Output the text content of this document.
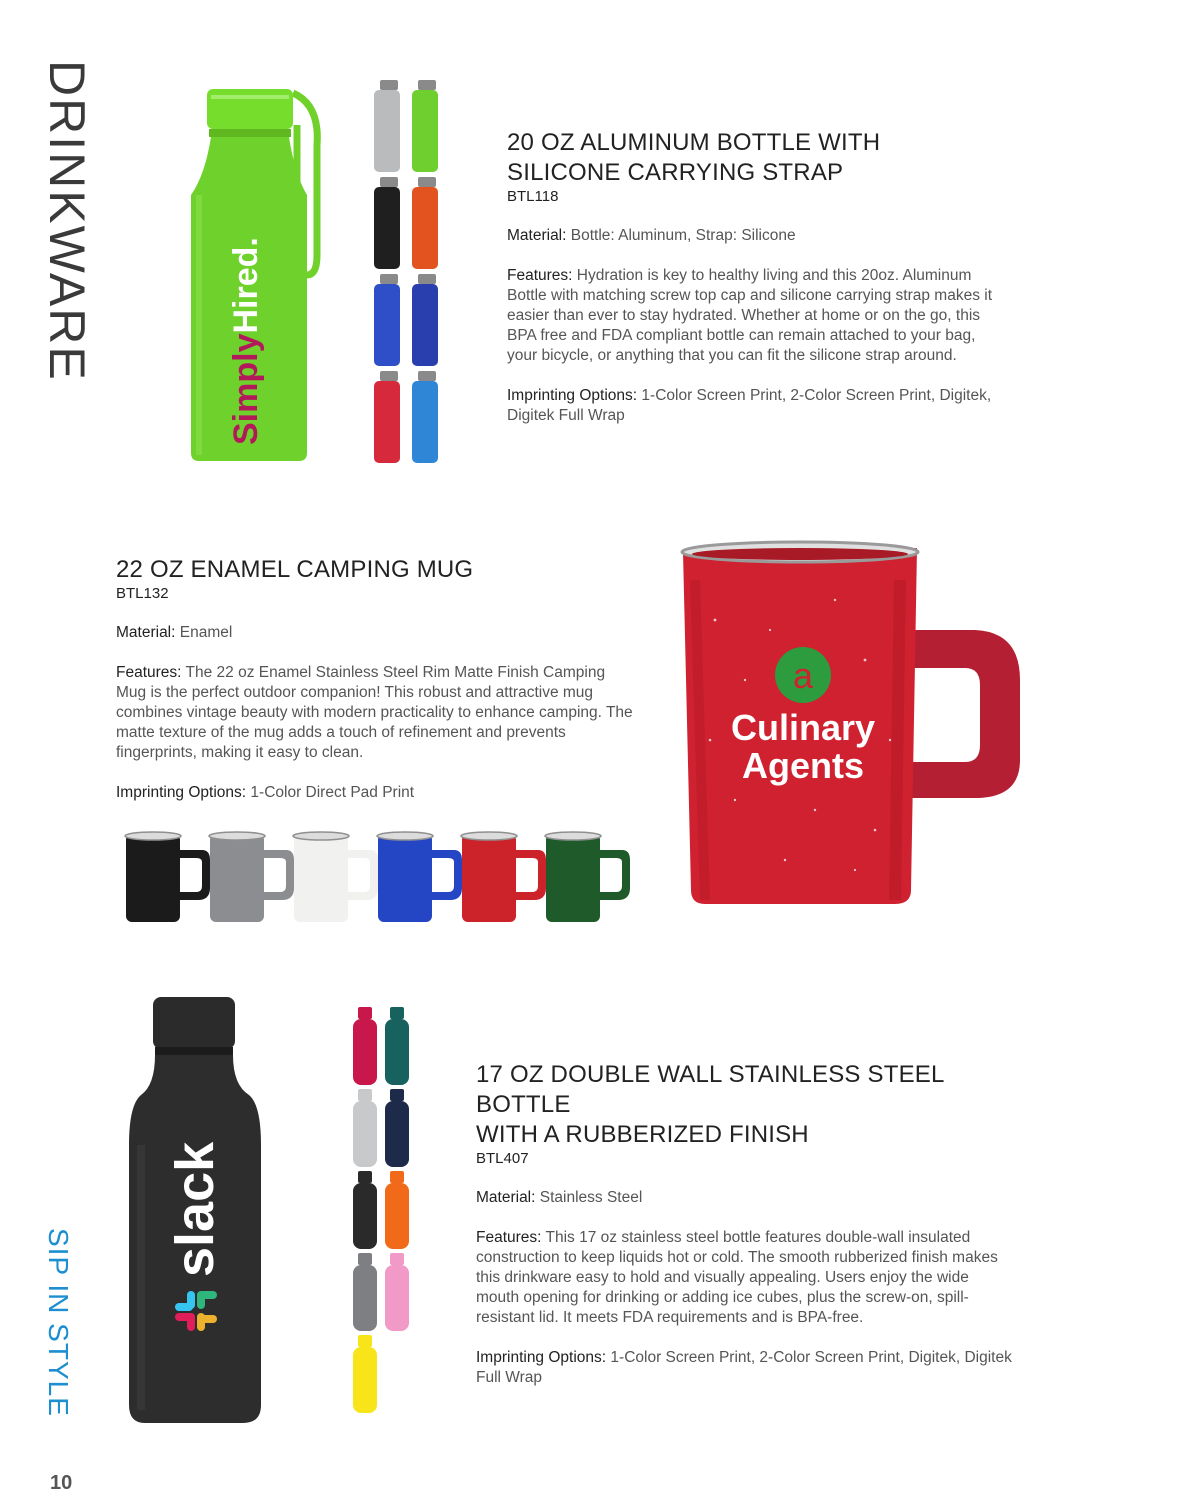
DRINKWARE
SIP IN STYLE
10
SimplyHired.
20 OZ ALUMINUM BOTTLE WITH
SILICONE CARRYING STRAP
BTL118
Material: Bottle: Aluminum, Strap: Silicone
Features: Hydration is key to healthy living and this 20oz. Aluminum Bottle with matching screw top cap and silicone carrying strap makes it easier than ever to stay hydrated. Whether at home or on the go, this BPA free and FDA compliant bottle can remain attached to your bag, your bicycle, or anything that you can fit the silicone strap around.
Imprinting Options: 1-Color Screen Print, 2-Color Screen Print, Digitek, Digitek Full Wrap
22 OZ ENAMEL CAMPING MUG
BTL132
Material: Enamel
Features: The 22 oz Enamel Stainless Steel Rim Matte Finish Camping Mug is the perfect outdoor companion! This robust and attractive mug combines vintage beauty with modern practicality to enhance camping. The matte texture of the mug adds a touch of refinement and prevents fingerprints, making it easy to clean.
Imprinting Options: 1-Color Direct Pad Print
a
Culinary
Agents
slack
17 OZ DOUBLE WALL STAINLESS STEEL BOTTLE
WITH A RUBBERIZED FINISH
BTL407
Material: Stainless Steel
Features: This 17 oz stainless steel bottle features double-wall insulated construction to keep liquids hot or cold. The smooth rubberized finish makes this drinkware easy to hold and visually appealing. Users enjoy the wide mouth opening for drinking or adding ice cubes, plus the screw-on, spill-resistant lid. It meets FDA requirements and is BPA-free.
Imprinting Options: 1-Color Screen Print, 2-Color Screen Print, Digitek, Digitek Full Wrap
